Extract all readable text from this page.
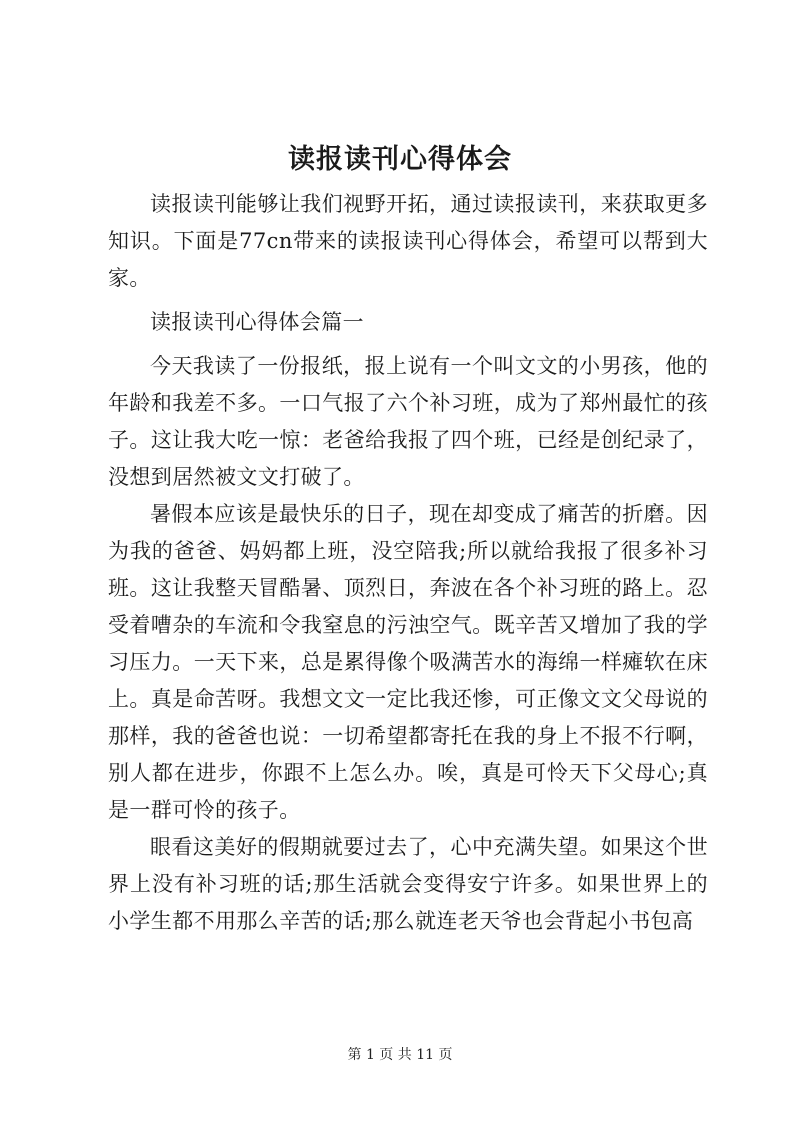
读报读刊心得体会

读报读刊能够让我们视野开拓，通过读报读刊，来获取更多知识。下面是77cn带来的读报读刊心得体会，希望可以帮到大家。

读报读刊心得体会篇一

今天我读了一份报纸，报上说有一个叫文文的小男孩，他的年龄和我差不多。一口气报了六个补习班，成为了郑州最忙的孩子。这让我大吃一惊：老爸给我报了四个班，已经是创纪录了，没想到居然被文文打破了。

暑假本应该是最快乐的日子，现在却变成了痛苦的折磨。因为我的爸爸、妈妈都上班，没空陪我;所以就给我报了很多补习班。这让我整天冒酷暑、顶烈日，奔波在各个补习班的路上。忍受着嘈杂的车流和令我窒息的污浊空气。既辛苦又增加了我的学习压力。一天下来，总是累得像个吸满苦水的海绵一样瘫软在床上。真是命苦呀。我想文文一定比我还惨，可正像文文父母说的那样，我的爸爸也说：一切希望都寄托在我的身上不报不行啊，别人都在进步，你跟不上怎么办。唉，真是可怜天下父母心;真是一群可怜的孩子。

眼看这美好的假期就要过去了，心中充满失望。如果这个世界上没有补习班的话;那生活就会变得安宁许多。如果世界上的小学生都不用那么辛苦的话;那么就连老天爷也会背起小书包高

第 1 页 共 11 页
